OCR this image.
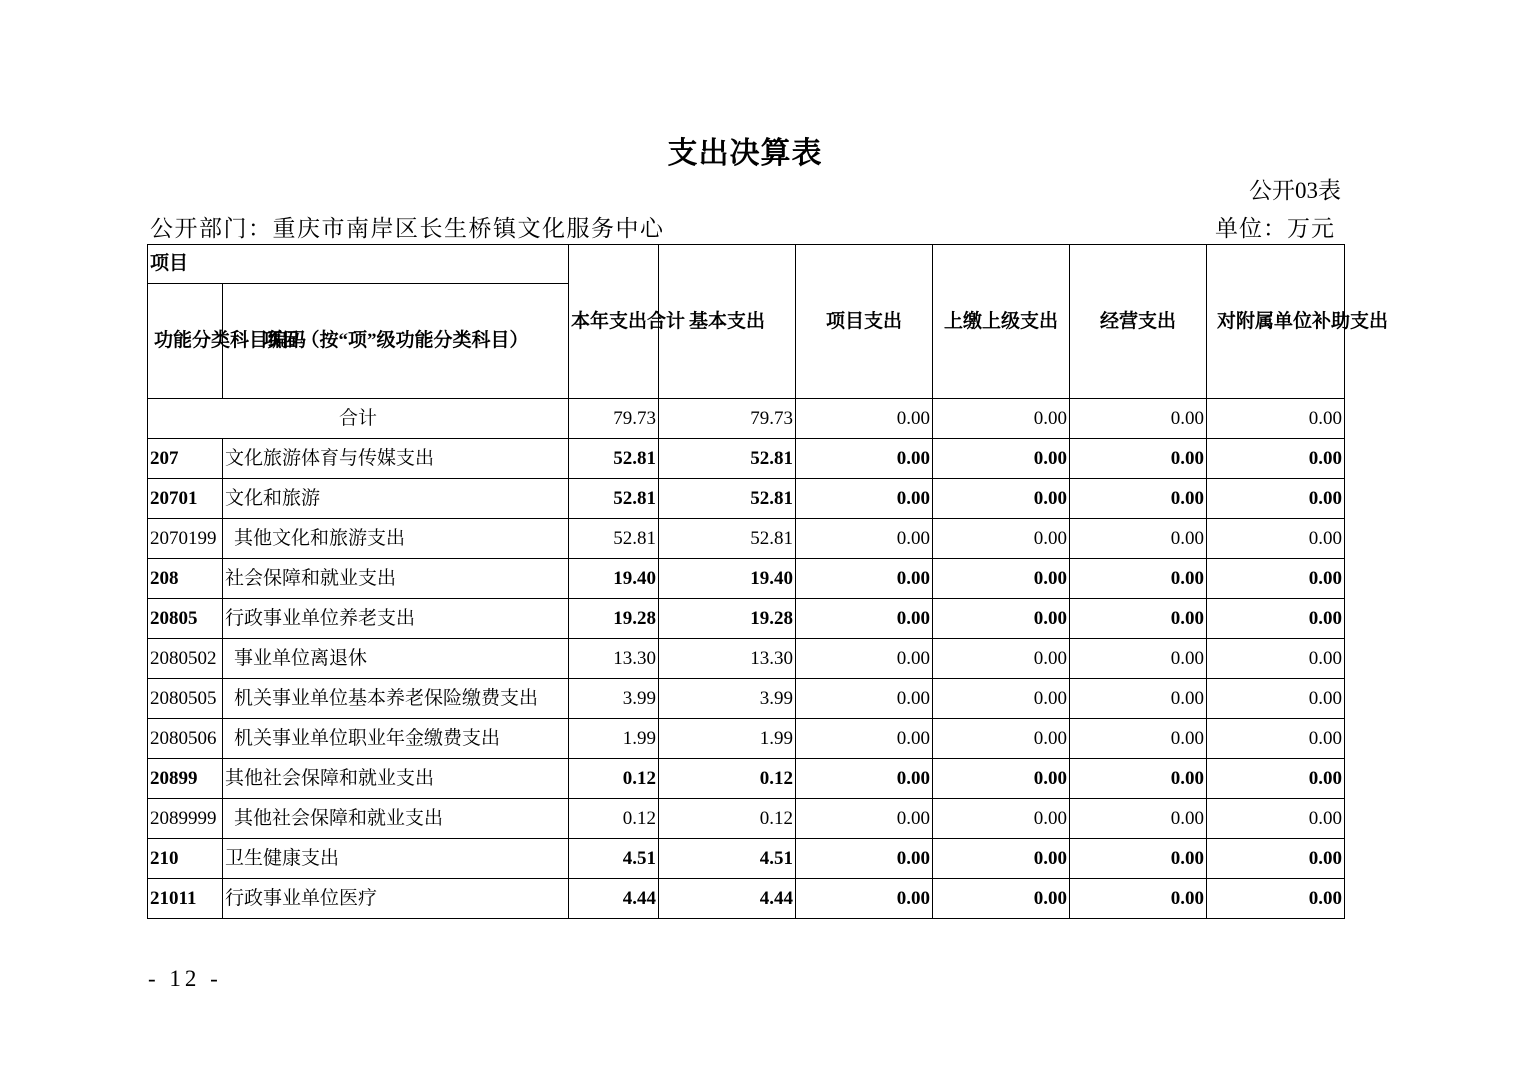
支出决算表
公开03表
公开部门：重庆市南岸区长生桥镇文化服务中心	单位：万元
项目		本年支出合计	基本支出	项目支出	上缴上级支出	经营支出	对附属单位补助支出
功能分类科目编码	项目（按“项”级功能分类科目）						
合计		79.73	79.73	0.00	0.00	0.00	0.00
207	文化旅游体育与传媒支出	52.81	52.81	0.00	0.00	0.00	0.00
20701	文化和旅游	52.81	52.81	0.00	0.00	0.00	0.00
2070199	其他文化和旅游支出	52.81	52.81	0.00	0.00	0.00	0.00
208	社会保障和就业支出	19.40	19.40	0.00	0.00	0.00	0.00
20805	行政事业单位养老支出	19.28	19.28	0.00	0.00	0.00	0.00
2080502	事业单位离退休	13.30	13.30	0.00	0.00	0.00	0.00
2080505	机关事业单位基本养老保险缴费支出	3.99	3.99	0.00	0.00	0.00	0.00
2080506	机关事业单位职业年金缴费支出	1.99	1.99	0.00	0.00	0.00	0.00
20899	其他社会保障和就业支出	0.12	0.12	0.00	0.00	0.00	0.00
2089999	其他社会保障和就业支出	0.12	0.12	0.00	0.00	0.00	0.00
210	卫生健康支出	4.51	4.51	0.00	0.00	0.00	0.00
21011	行政事业单位医疗	4.44	4.44	0.00	0.00	0.00	0.00
- 12 -
